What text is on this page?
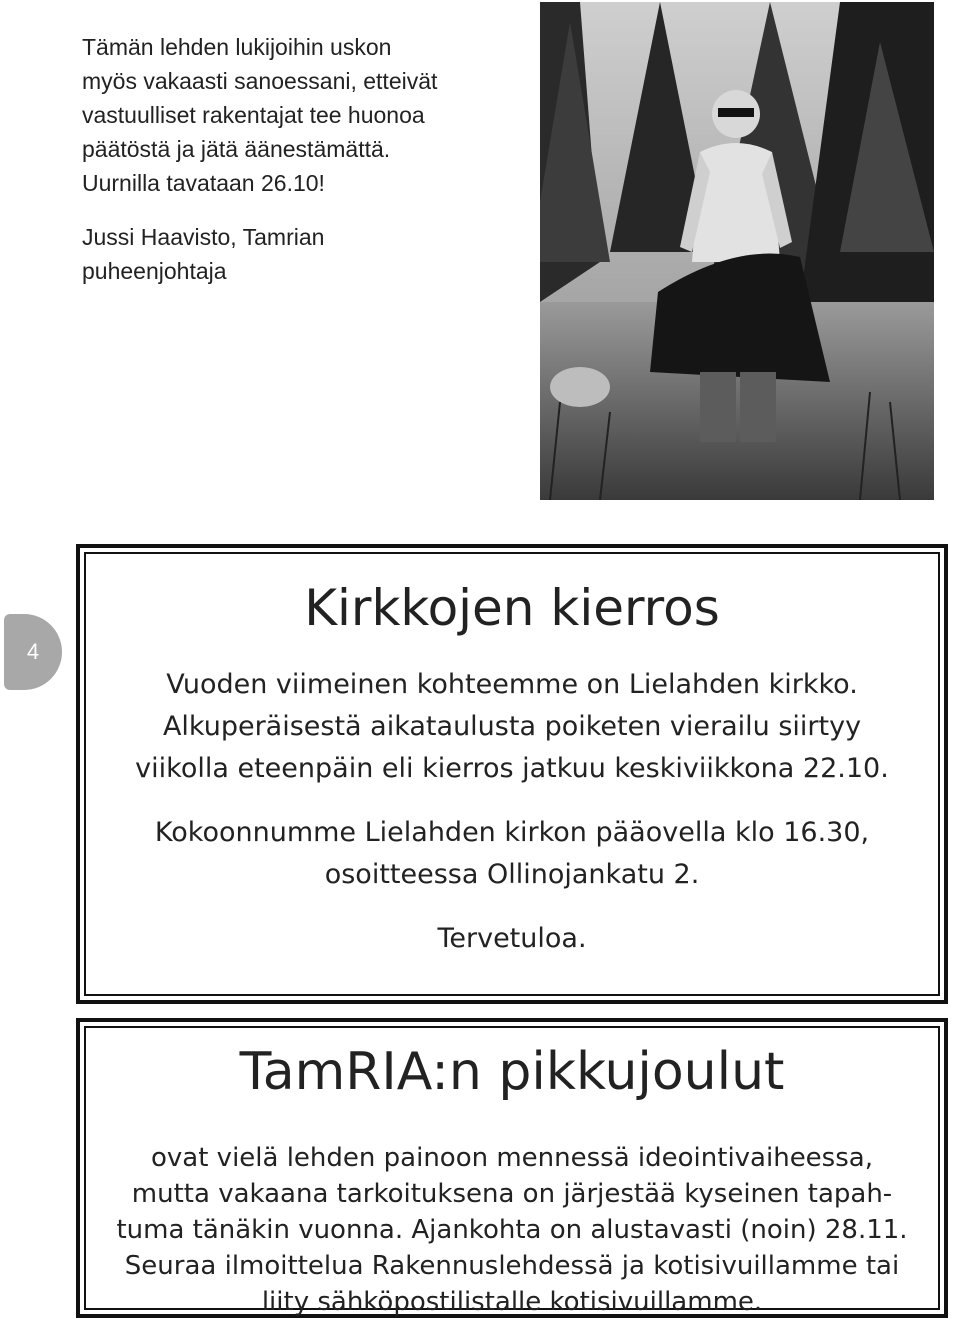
Tämän lehden lukijoihin uskon

myös vakaasti sanoessani, etteivät

vastuulliset rakentajat tee huonoa

päätöstä ja jätä äänestämättä.

Uurnilla tavataan 26.10!

Jussi Haavisto, Tamrian

puheenjohtaja

4
Kirkkojen kierros

Vuoden viimeinen kohteemme on Lielahden kirkko.

Alkuperäisestä aikataulusta poiketen vierailu siirtyy

viikolla eteenpäin eli kierros jatkuu keskiviikkona 22.10.

Kokoonnumme Lielahden kirkon pääovella klo 16.30,

osoitteessa Ollinojankatu 2.

Tervetuloa.

TamRIA:n pikkujoulut

ovat vielä lehden painoon mennessä ideointivaiheessa,
mutta vakaana tarkoituksena on järjestää kyseinen tapah-
tuma tänäkin vuonna. Ajankohta on alustavasti (noin) 28.11.
Seuraa ilmoittelua Rakennuslehdessä ja kotisivuillamme tai
liity sähköpostilistalle kotisivuillamme.
